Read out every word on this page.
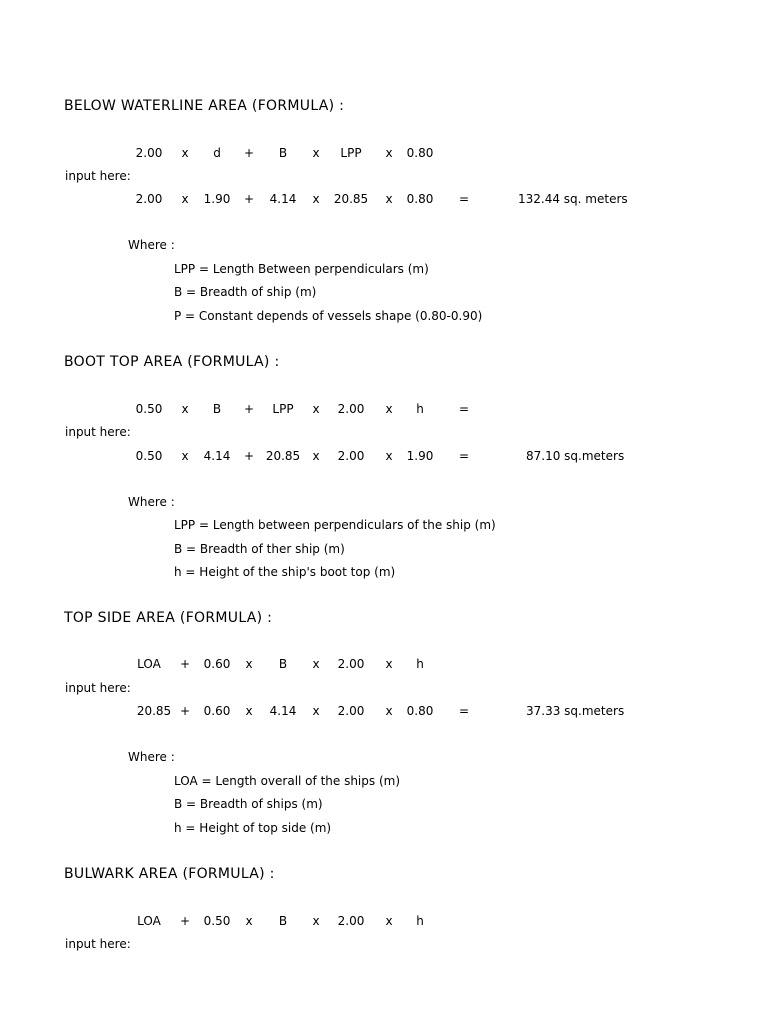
BELOW WATERLINE AREA (FORMULA) :
2.00 x d + B x LPP x 0.80
input here:
2.00 x 1.90 + 4.14 x 20.85 x 0.80 =	132.44 sq. meters
Where :
LPP = Length Between perpendiculars (m)
B = Breadth of ship (m)
P = Constant depends of vessels shape (0.80-0.90)
BOOT TOP AREA (FORMULA) :
0.50 x B + LPP x 2.00 x h	=
input here:
0.50 x 4.14 + 20.85 x 2.00 x 1.90 =	87.10 sq.meters
Where :
LPP = Length between perpendiculars of the ship (m)
B = Breadth of ther ship (m)
h = Height of the ship's boot top (m)
TOP SIDE AREA (FORMULA) :
LOA + 0.60 x B x 2.00 x h
input here:
20.85 + 0.60 x 4.14 x 2.00 x 0.80 =	37.33 sq.meters
Where :
LOA = Length overall of the ships (m)
B = Breadth of ships (m)
h = Height of top side (m)
BULWARK AREA (FORMULA) :
LOA + 0.50 x B x 2.00 x h
input here:
